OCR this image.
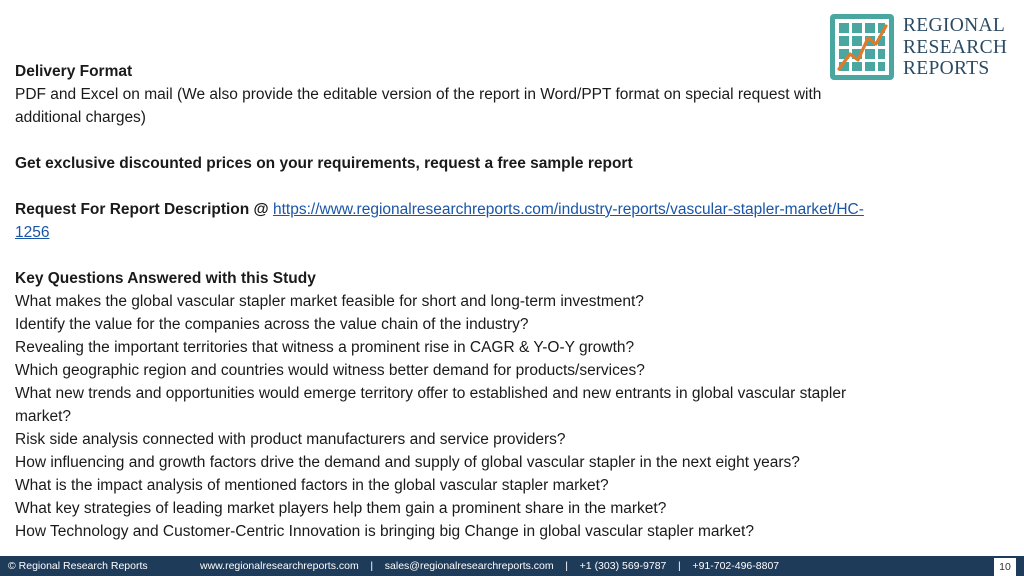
REGIONAL
RESEARCH
REPORTS
Delivery Format
PDF and Excel on mail (We also provide the editable version of the report in Word/PPT format on special request with
additional charges)
Get exclusive discounted prices on your requirements, request a free sample report
Request For Report Description @ https://www.regionalresearchreports.com/industry-reports/vascular-stapler-market/HC-
1256
Key Questions Answered with this Study
What makes the global vascular stapler market feasible for short and long-term investment?
Identify the value for the companies across the value chain of the industry?
Revealing the important territories that witness a prominent rise in CAGR & Y-O-Y growth?
Which geographic region and countries would witness better demand for products/services?
What new trends and opportunities would emerge territory offer to established and new entrants in global vascular stapler
market?
Risk side analysis connected with product manufacturers and service providers?
How influencing and growth factors drive the demand and supply of global vascular stapler in the next eight years?
What is the impact analysis of mentioned factors in the global vascular stapler market?
What key strategies of leading market players help them gain a prominent share in the market?
How Technology and Customer-Centric Innovation is bringing big Change in global vascular stapler market?
© Regional Research Reports	www.regionalresearchreports.com    |    sales@regionalresearchreports.com    |    +1 (303) 569-9787    |    +91-702-496-8807	10
